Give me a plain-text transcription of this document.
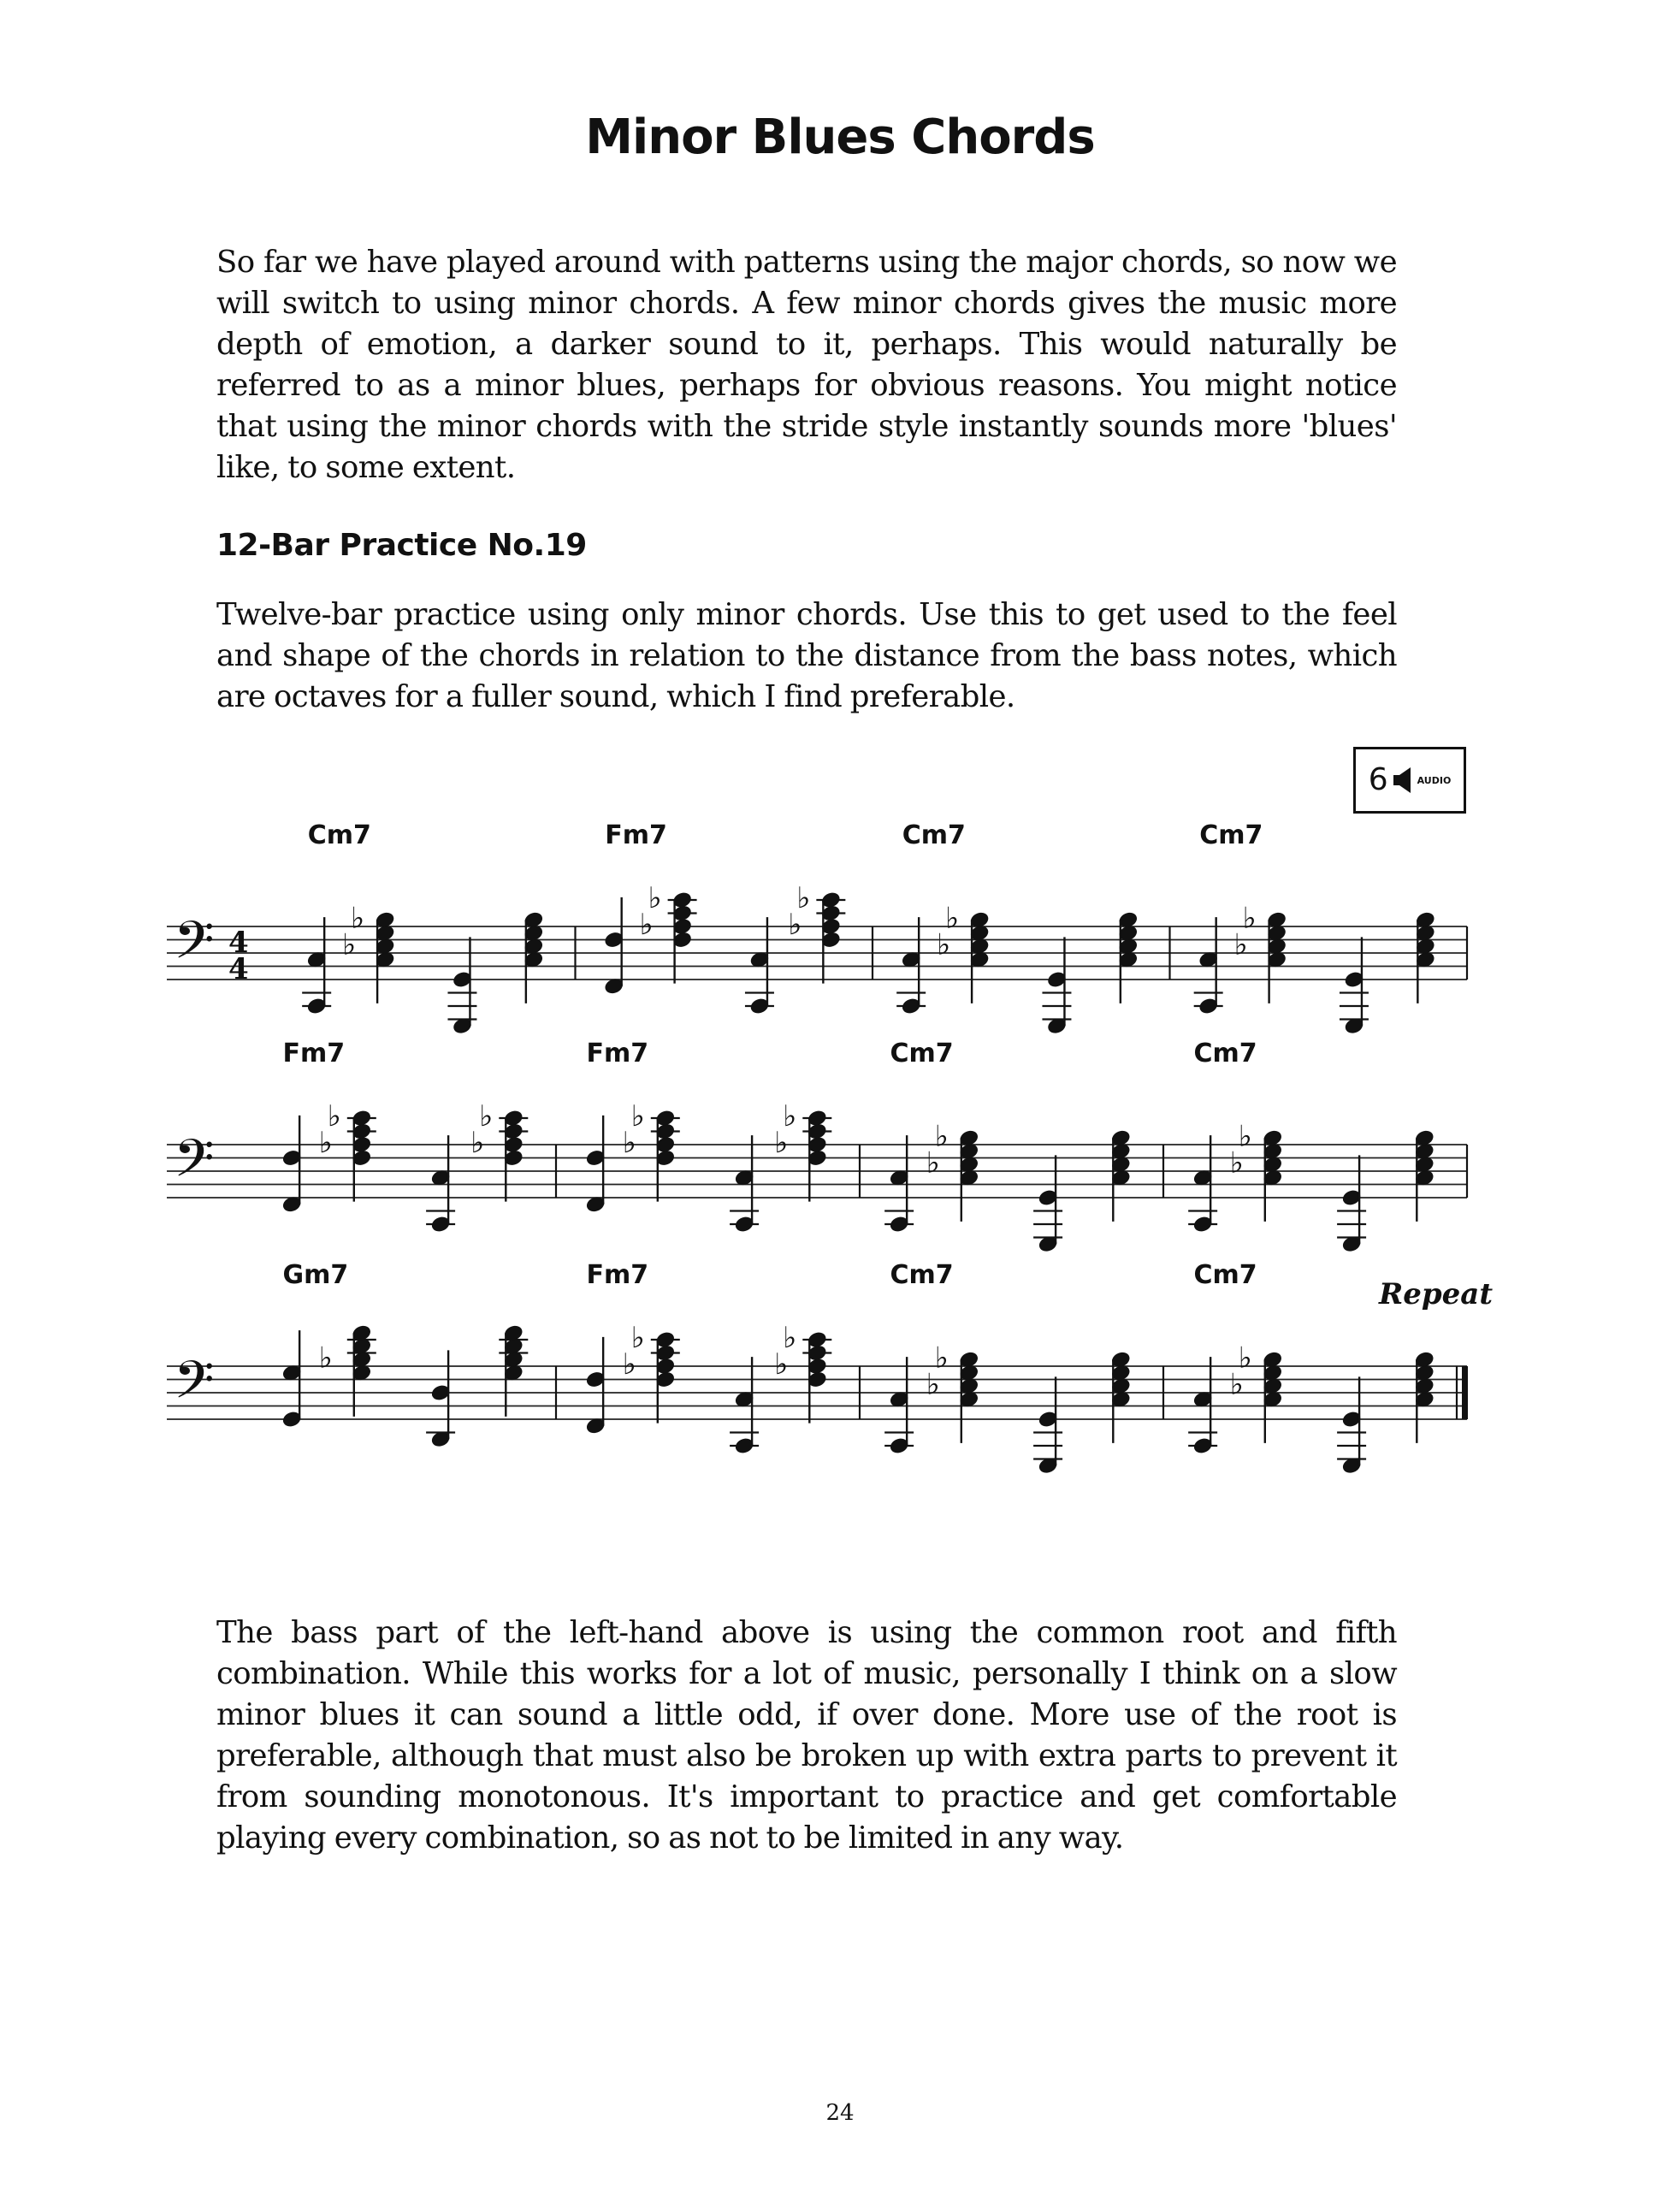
Minor Blues Chords

So far we have played around with patterns using the major chords, so now we will switch to using minor chords. A few minor chords gives the music more depth of emotion, a darker sound to it, perhaps. This would naturally be referred to as a minor blues, perhaps for obvious reasons. You might notice that using the minor chords with the stride style instantly sounds more 'blues' like, to some extent.

12-Bar Practice No.19

Twelve-bar practice using only minor chords. Use this to get used to the feel and shape of the chords in relation to the distance from the bass notes, which are octaves for a fuller sound, which I find preferable.

6	AUDIO
𝄢 4
4
Cm7
♭
♭
Fm7
♭
♭
♭
♭
Cm7
♭
♭
Cm7
♭
♭
𝄢
Fm7
♭
♭
♭
♭
Fm7
♭
♭
♭
♭
Cm7
♭
♭
Cm7
♭
♭
𝄢
Gm7
♭
Fm7
♭
♭
♭
♭
Cm7
♭
♭
Cm7
♭
♭
Repeat

The bass part of the left-hand above is using the common root and fifth combination. While this works for a lot of music, personally I think on a slow minor blues it can sound a little odd, if over done. More use of the root is preferable, although that must also be broken up with extra parts to prevent it from sounding monotonous. It's important to practice and get comfortable playing every combination, so as not to be limited in any way.

24
